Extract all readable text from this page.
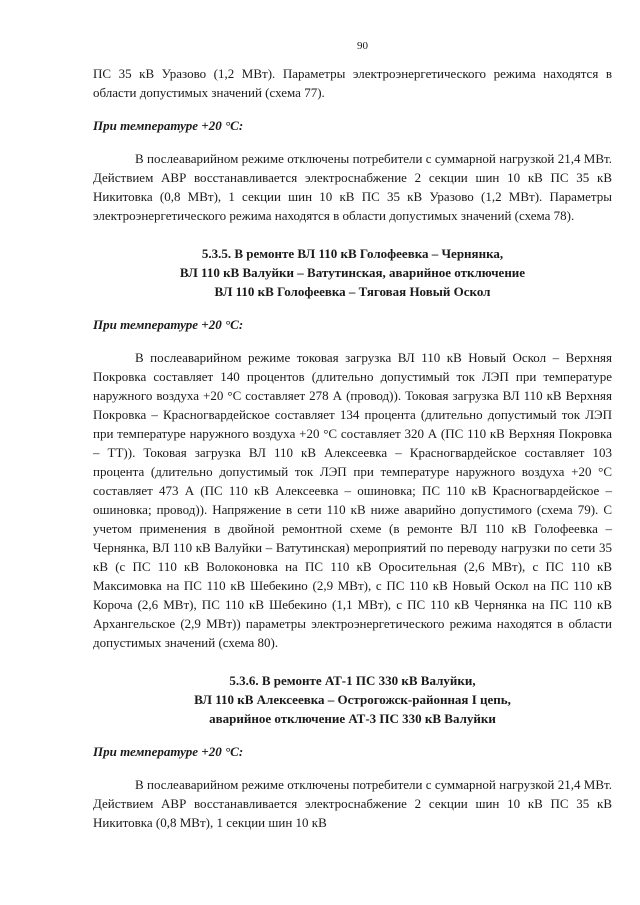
90

ПС 35 кВ Уразово (1,2 МВт). Параметры электроэнергетического режима находятся в области допустимых значений (схема 77).

При температуре +20 °С:

В послеаварийном режиме отключены потребители с суммарной нагрузкой 21,4 МВт. Действием АВР восстанавливается электроснабжение 2 секции шин 10 кВ ПС 35 кВ Никитовка (0,8 МВт), 1 секции шин 10 кВ ПС 35 кВ Уразово (1,2 МВт). Параметры электроэнергетического режима находятся в области допустимых значений (схема 78).

5.3.5. В ремонте ВЛ 110 кВ Голофеевка – Чернянка,
ВЛ 110 кВ Валуйки – Ватутинская, аварийное отключение
ВЛ 110 кВ Голофеевка – Тяговая Новый Оскол

При температуре +20 °С:

В послеаварийном режиме токовая загрузка ВЛ 110 кВ Новый Оскол – Верхняя Покровка составляет 140 процентов (длительно допустимый ток ЛЭП при температуре наружного воздуха +20 °С составляет 278 А (провод)). Токовая загрузка ВЛ 110 кВ Верхняя Покровка – Красногвардейское составляет 134 процента (длительно допустимый ток ЛЭП при температуре наружного воздуха +20 °С составляет 320 А (ПС 110 кВ Верхняя Покровка – ТТ)). Токовая загрузка ВЛ 110 кВ Алексеевка – Красногвардейское составляет 103 процента (длительно допустимый ток ЛЭП при температуре наружного воздуха +20 °С составляет 473 А (ПС 110 кВ Алексеевка – ошиновка; ПС 110 кВ Красногвардейское – ошиновка; провод)). Напряжение в сети 110 кВ ниже аварийно допустимого (схема 79). С учетом применения в двойной ремонтной схеме (в ремонте ВЛ 110 кВ Голофеевка – Чернянка, ВЛ 110 кВ Валуйки – Ватутинская) мероприятий по переводу нагрузки по сети 35 кВ (с ПС 110 кВ Волоконовка на ПС 110 кВ Оросительная (2,6 МВт), с ПС 110 кВ Максимовка на ПС 110 кВ Шебекино (2,9 МВт), с ПС 110 кВ Новый Оскол на ПС 110 кВ Короча (2,6 МВт), ПС 110 кВ Шебекино (1,1 МВт), с ПС 110 кВ Чернянка на ПС 110 кВ Архангельское (2,9 МВт)) параметры электроэнергетического режима находятся в области допустимых значений (схема 80).

5.3.6. В ремонте АТ-1 ПС 330 кВ Валуйки,
ВЛ 110 кВ Алексеевка – Острогожск-районная I цепь,
аварийное отключение АТ-3 ПС 330 кВ Валуйки

При температуре +20 °С:

В послеаварийном режиме отключены потребители с суммарной нагрузкой 21,4 МВт. Действием АВР восстанавливается электроснабжение 2 секции шин 10 кВ ПС 35 кВ Никитовка (0,8 МВт), 1 секции шин 10 кВ
